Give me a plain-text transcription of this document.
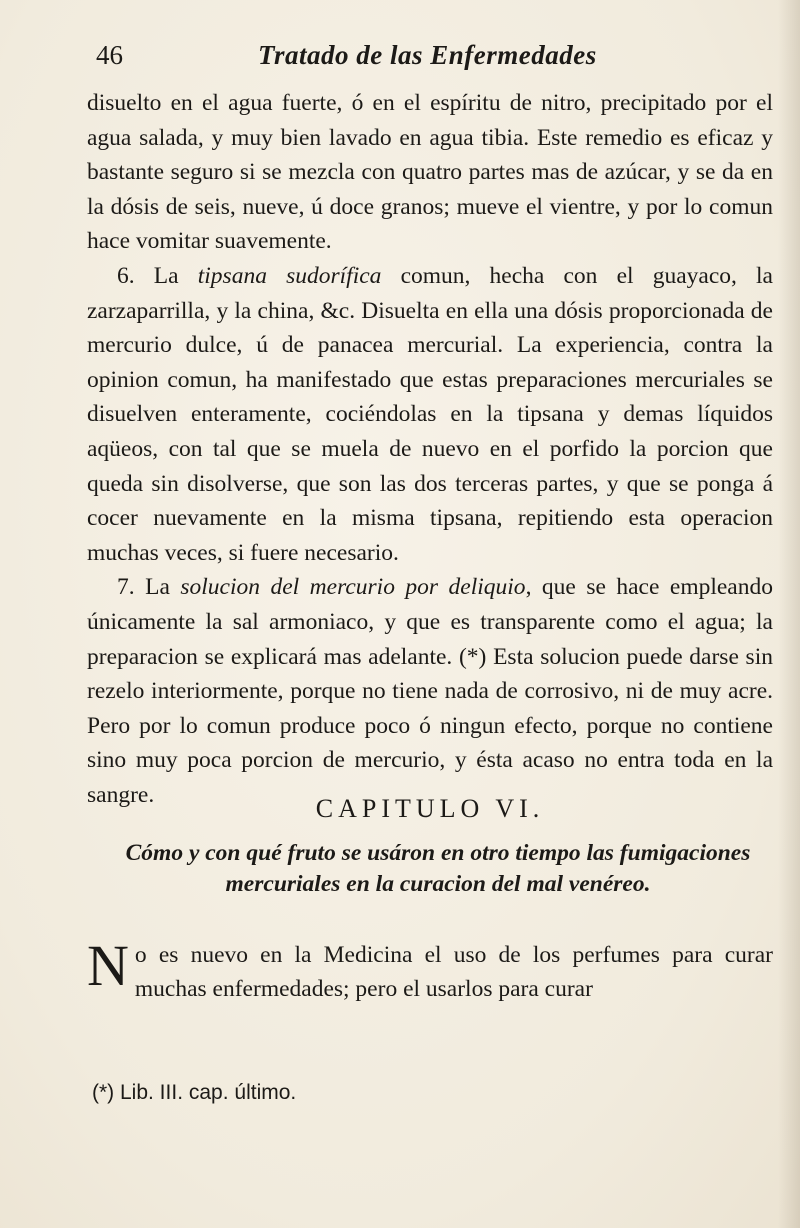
46	Tratado de las Enfermedades

disuelto en el agua fuerte, ó en el espíritu de nitro, precipitado por el agua salada, y muy bien lavado en agua tibia. Este remedio es eficaz y bastante seguro si se mezcla con quatro partes mas de azúcar, y se da en la dósis de seis, nueve, ú doce granos; mueve el vientre, y por lo comun hace vomitar suavemente.

6. La tipsana sudorífica comun, hecha con el guayaco, la zarzaparrilla, y la china, &c. Disuelta en ella una dósis proporcionada de mercurio dulce, ú de panacea mercurial. La experiencia, contra la opinion comun, ha manifestado que estas preparaciones mercuriales se disuelven enteramente, cociéndolas en la tipsana y demas líquidos aqüeos, con tal que se muela de nuevo en el porfido la porcion que queda sin disolverse, que son las dos terceras partes, y que se ponga á cocer nuevamente en la misma tipsana, repitiendo esta operacion muchas veces, si fuere necesario.

7. La solucion del mercurio por deliquio, que se hace empleando únicamente la sal armoniaco, y que es transparente como el agua; la preparacion se explicará mas adelante. (*) Esta solucion puede darse sin rezelo interiormente, porque no tiene nada de corrosivo, ni de muy acre. Pero por lo comun produce poco ó ningun efecto, porque no contiene sino muy poca porcion de mercurio, y ésta acaso no entra toda en la sangre.	CAPITULO VI.
Cómo y con qué fruto se usáron en otro tiempo las fumigaciones mercuriales en la curacion del mal venéreo.
No es nuevo en la Medicina el uso de los perfumes para curar muchas enfermedades; pero el usarlos para curar
(*) Lib. III. cap. último.
